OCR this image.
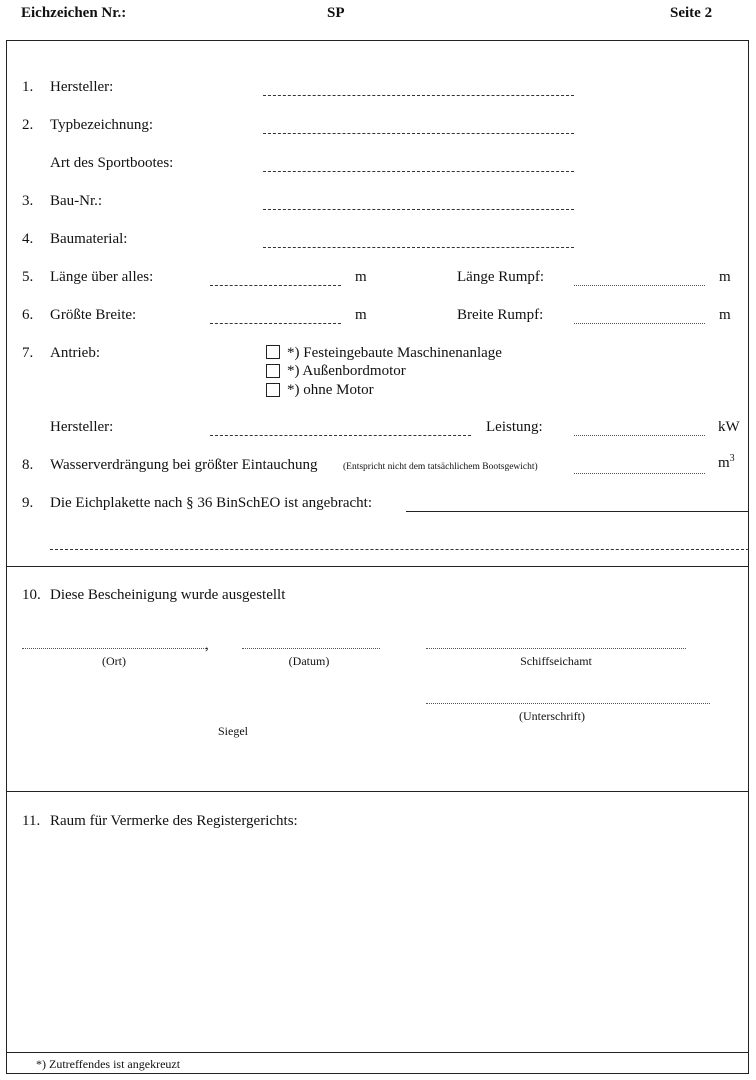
Eichzeichen Nr.:	SP	Seite 2
1. Hersteller:
2. Typbezeichnung:
Art des Sportbootes:
3. Bau-Nr.:
4. Baumaterial:
5. Länge über alles:	m	Länge Rumpf:	m
6. Größte Breite:	m	Breite Rumpf:	m
7. Antrieb:	*) Festeingebaute Maschinenanlage
*) Außenbordmotor
*) ohne Motor
Hersteller:	Leistung:	kW
8. Wasserverdrängung bei größter Eintauchung	(Entspricht nicht dem tatsächlichem Bootsgewicht)	$m^3$
9. Die Eichplakette nach § 36 BinSchEO ist angebracht:
10. Diese Bescheinigung wurde ausgestellt
,
(Ort)	(Datum)	Schiffseichamt
(Unterschrift)
Siegel
11. Raum für Vermerke des Registergerichts:
*) Zutreffendes ist angekreuzt
